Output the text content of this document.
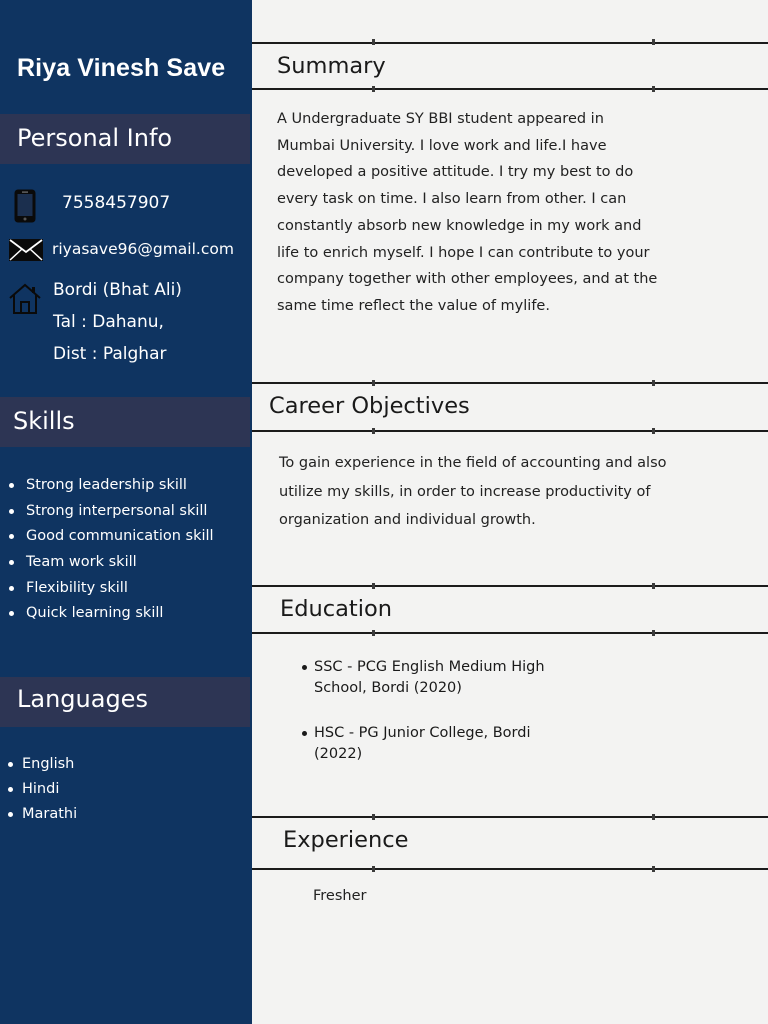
Riya Vinesh Save
Personal Info
7558457907
riyasave96@gmail.com
Bordi (Bhat Ali)
Tal : Dahanu,
Dist : Palghar
Skills
Strong leadership skill
Strong interpersonal skill
Good communication skill
Team work skill
Flexibility skill
Quick learning skill
Languages
English
Hindi
Marathi
Summary

A Undergraduate SY BBI student appeared in

Mumbai University. I love work and life.I have

developed a positive attitude. I try my best to do

every task on time. I also learn from other. I can

constantly absorb new knowledge in my work and

life to enrich myself. I hope I can contribute to your

company together with other employees, and at the

same time reflect the value of mylife.

Career Objectives

To gain experience in the field of accounting and also

utilize my skills, in order to increase productivity of

organization and individual growth.

Education

SSC - PCG English Medium High

School, Bordi (2020)

HSC - PG Junior College, Bordi

(2022)

Experience
Fresher
